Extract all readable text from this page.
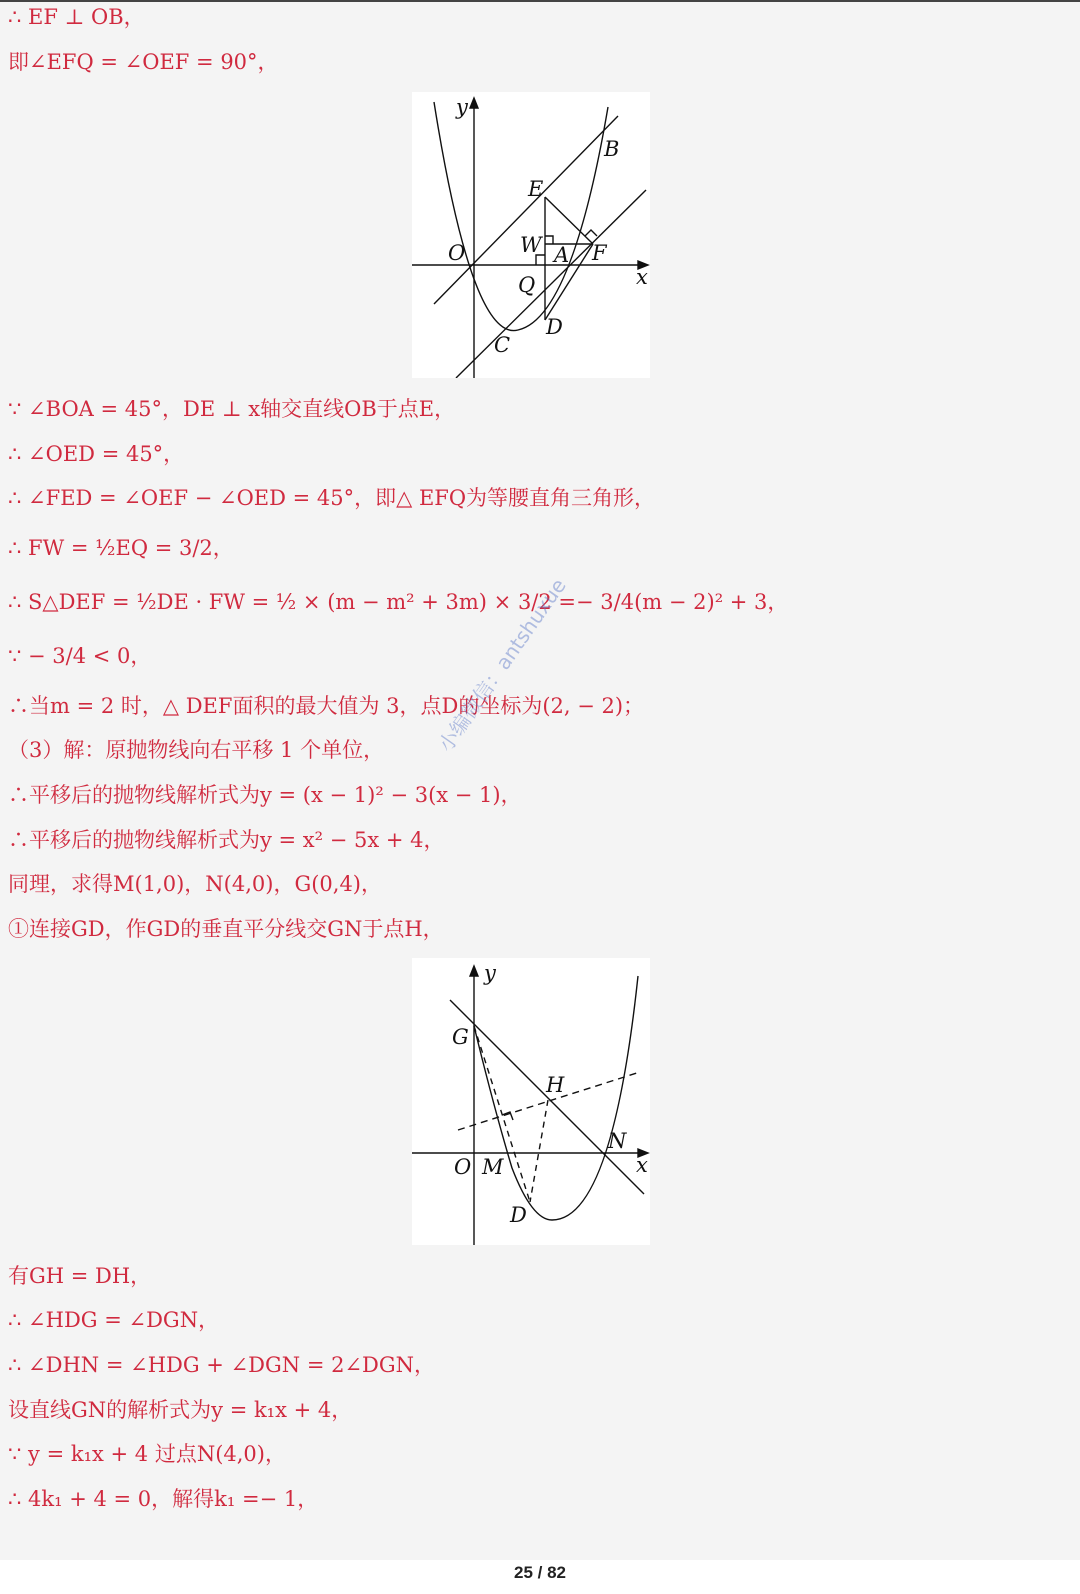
∴ EF ⊥ OB，
即∠EFQ = ∠OEF = 90°，
y
B
E
W A F
O
x
Q
D
C
∵ ∠BOA = 45°，DE ⊥ x轴交直线OB于点E，
∴ ∠OED = 45°，
∴ ∠FED = ∠OEF − ∠OED = 45°，即△ EFQ为等腰直角三角形，
∴ FW = ½EQ = 3/2，
∴ S△DEF = ½DE · FW = ½ × (m − m² + 3m) × 3/2 =− 3/4(m − 2)² + 3，
∵ − 3/4 < 0，
∴当m = 2 时，△ DEF面积的最大值为 3，点D的坐标为(2, − 2)；
（3）解：原抛物线向右平移 1 个单位，
∴平移后的抛物线解析式为y = (x − 1)² − 3(x − 1)，
∴平移后的抛物线解析式为y = x² − 5x + 4，
同理，求得M(1,0)，N(4,0)，G(0,4)，
①连接GD，作GD的垂直平分线交GN于点H，
y
G
H
N
O M	x
D
有GH = DH，
∴ ∠HDG = ∠DGN，
∴ ∠DHN = ∠HDG + ∠DGN = 2∠DGN，
设直线GN的解析式为y = k₁x + 4，
∵ y = k₁x + 4 过点N(4,0)，
∴ 4k₁ + 4 = 0，解得k₁ =− 1，
小编微信：antshuxue
25 / 82
